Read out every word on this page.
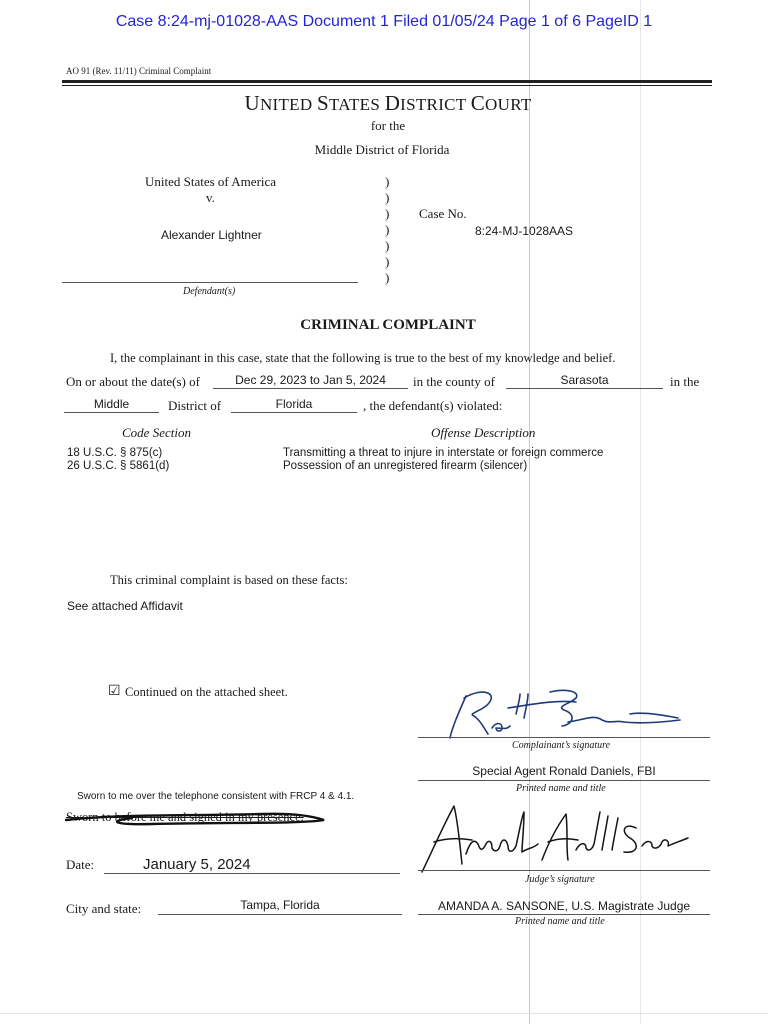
Case 8:24-mj-01028-AAS Document 1 Filed 01/05/24 Page 1 of 6 PageID 1
AO 91 (Rev. 11/11) Criminal Complaint
UNITED STATES DISTRICT COURT
for the
Middle District of Florida
United States of America
v.
Alexander Lightner
Defendant(s)
)
)
)
)
)
)
)
Case No.
8:24-MJ-1028AAS
CRIMINAL COMPLAINT
I, the complainant in this case, state that the following is true to the best of my knowledge and belief.
On or about the date(s) of	Dec 29, 2023 to Jan 5, 2024	in the county of	Sarasota	in the
Middle	District of	Florida	, the defendant(s) violated:
Code Section	Offense Description
18 U.S.C. § 875(c)	Transmitting a threat to injure in interstate or foreign commerce
26 U.S.C. § 5861(d)	Possession of an unregistered firearm (silencer)
This criminal complaint is based on these facts:
See attached Affidavit
☑ Continued on the attached sheet.
Complainant’s signature
Special Agent Ronald Daniels, FBI
Printed name and title
Sworn to me over the telephone consistent with FRCP 4 & 4.1.
Sworn to before me and signed in my presence.
Date:	January 5, 2024
Judge’s signature
City and state:	Tampa, Florida	AMANDA A. SANSONE, U.S. Magistrate Judge
Printed name and title
